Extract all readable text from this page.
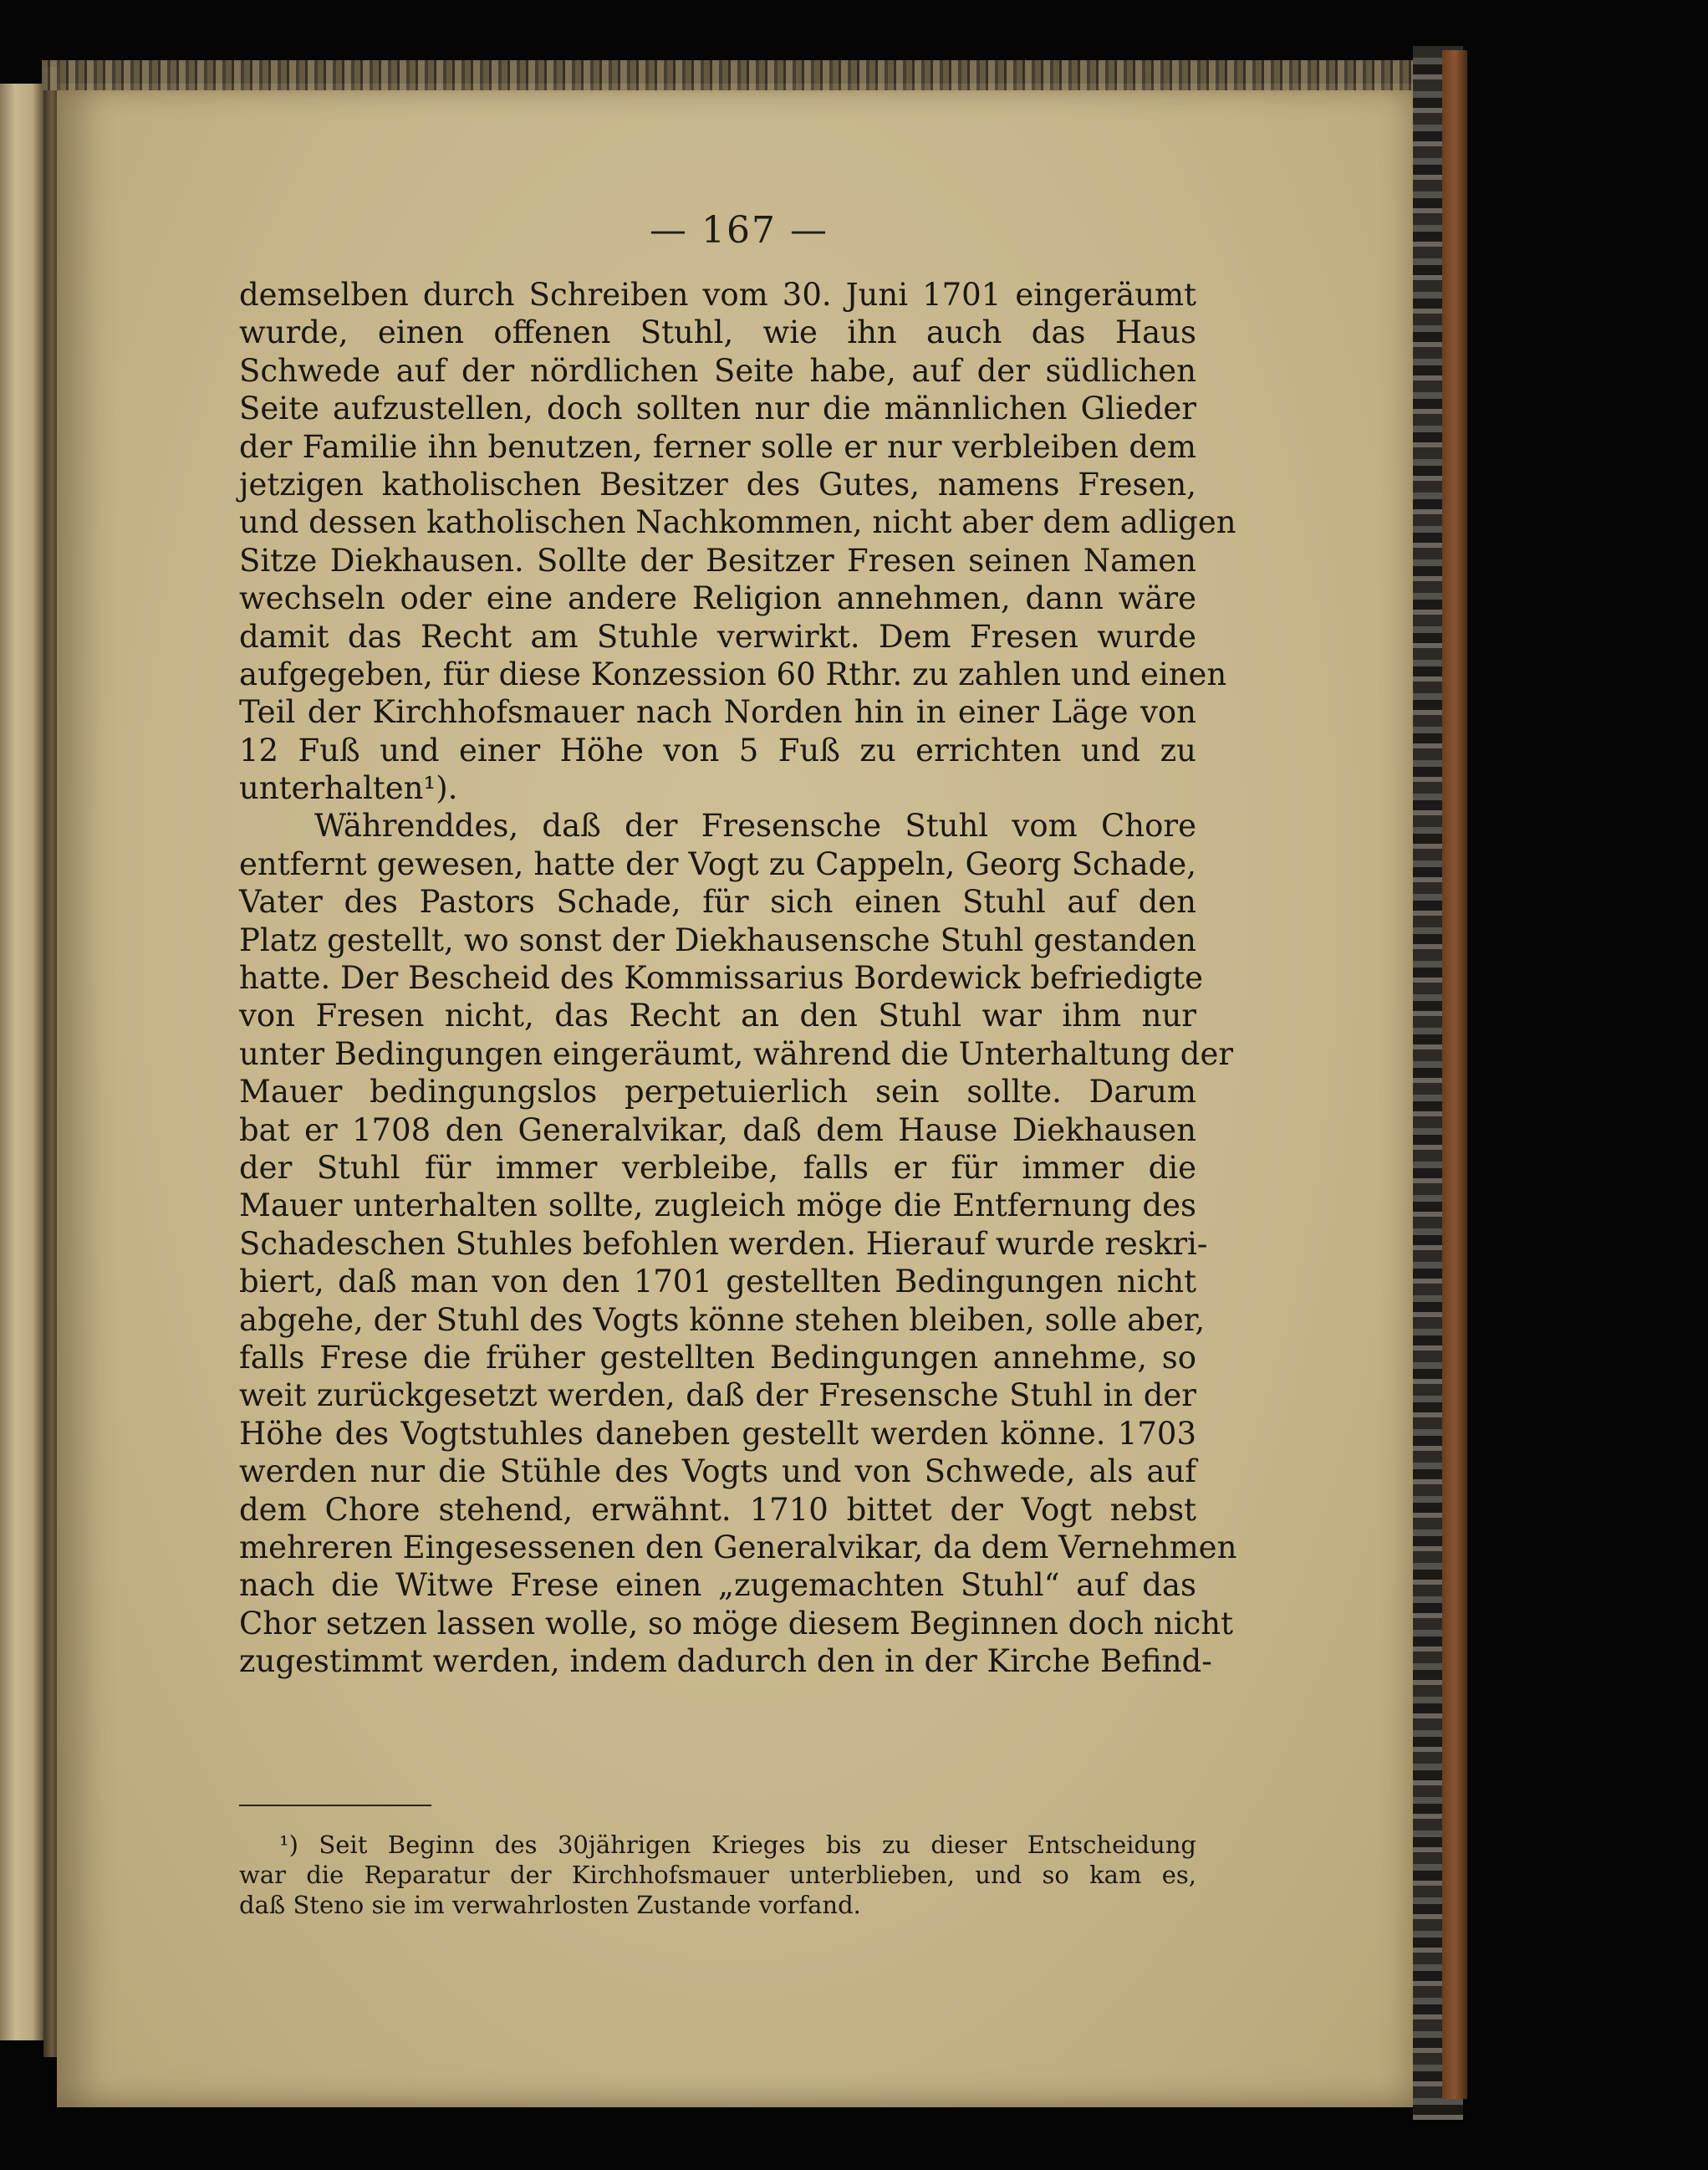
— 167 —
demselben durch Schreiben vom 30. Juni 1701 eingeräumt
wurde, einen offenen Stuhl, wie ihn auch das Haus
Schwede auf der nördlichen Seite habe, auf der südlichen
Seite aufzustellen, doch sollten nur die männlichen Glieder
der Familie ihn benutzen, ferner solle er nur verbleiben dem
jetzigen katholischen Besitzer des Gutes, namens Fresen,
und dessen katholischen Nachkommen, nicht aber dem adligen
Sitze Diekhausen. Sollte der Besitzer Fresen seinen Namen
wechseln oder eine andere Religion annehmen, dann wäre
damit das Recht am Stuhle verwirkt. Dem Fresen wurde
aufgegeben, für diese Konzession 60 Rthr. zu zahlen und einen
Teil der Kirchhofsmauer nach Norden hin in einer Läge von
12 Fuß und einer Höhe von 5 Fuß zu errichten und zu
unterhalten¹).
Währenddes, daß der Fresensche Stuhl vom Chore
entfernt gewesen, hatte der Vogt zu Cappeln, Georg Schade,
Vater des Pastors Schade, für sich einen Stuhl auf den
Platz gestellt, wo sonst der Diekhausensche Stuhl gestanden
hatte. Der Bescheid des Kommissarius Bordewick befriedigte
von Fresen nicht, das Recht an den Stuhl war ihm nur
unter Bedingungen eingeräumt, während die Unterhaltung der
Mauer bedingungslos perpetuierlich sein sollte. Darum
bat er 1708 den Generalvikar, daß dem Hause Diekhausen
der Stuhl für immer verbleibe, falls er für immer die
Mauer unterhalten sollte, zugleich möge die Entfernung des
Schadeschen Stuhles befohlen werden. Hierauf wurde reskri-
biert, daß man von den 1701 gestellten Bedingungen nicht
abgehe, der Stuhl des Vogts könne stehen bleiben, solle aber,
falls Frese die früher gestellten Bedingungen annehme, so
weit zurückgesetzt werden, daß der Fresensche Stuhl in der
Höhe des Vogtstuhles daneben gestellt werden könne. 1703
werden nur die Stühle des Vogts und von Schwede, als auf
dem Chore stehend, erwähnt. 1710 bittet der Vogt nebst
mehreren Eingesessenen den Generalvikar, da dem Vernehmen
nach die Witwe Frese einen „zugemachten Stuhl“ auf das
Chor setzen lassen wolle, so möge diesem Beginnen doch nicht
zugestimmt werden, indem dadurch den in der Kirche Befind-
¹) Seit Beginn des 30jährigen Krieges bis zu dieser Entscheidung
war die Reparatur der Kirchhofsmauer unterblieben, und so kam es,
daß Steno sie im verwahrlosten Zustande vorfand.
